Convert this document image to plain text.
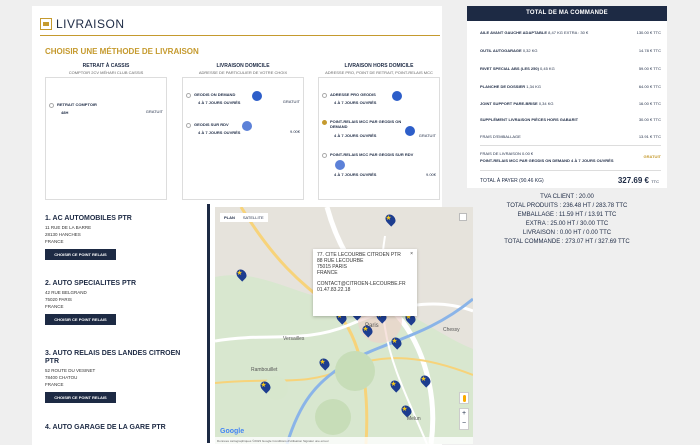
LIVRAISON
CHOISIR UNE MÉTHODE DE LIVRAISON
RETRAIT À CASSIS
COMPTOIR 2CV MÉHARI CLUB CASSIS
RETRAIT COMPTOIR
48H	GRATUIT
LIVRAISON DOMICILE
ADRESSE DE PARTICULIER DE VOTRE CHOIX
GEODIS ON DEMAND
4 À 7 JOURS OUVRÉS	GRATUIT
GEODIS SUR RDV
4 À 7 JOURS OUVRÉS	9.00€
LIVRAISON HORS DOMICILE
ADRESSE PRO, POINT DE RETRAIT, POINT-RELAIS MCC
ADRESSE PRO GEODIS
4 À 7 JOURS OUVRÉS
POINT-RELAIS MCC PAR GEODIS ON DEMAND
4 À 7 JOURS OUVRÉS	GRATUIT
POINT-RELAIS MCC PAR GEODIS SUR RDV
4 À 7 JOURS OUVRÉS	9.00€
1. AC AUTOMOBILES PTR
11 RUE DE LA BARRE
28130 HANCHES
FRANCE
CHOISIR CE POINT RELAIS
2. AUTO SPECIALITES PTR
42 RUE BELGRAND
75020 PARIS
FRANCE
CHOISIR CE POINT RELAIS
3. AUTO RELAIS DES LANDES CITROEN PTR
52 ROUTE DU VESINET
78400 CHATOU
FRANCE
CHOISIR CE POINT RELAIS
4. AUTO GARAGE DE LA GARE PTR
PLAN	SATELLITE
★
★
★
★
★
★
★
★
★
★
★
★
★
×
77. CITE LECOURBE CITROEN PTR
88 RUE LECOURBE
75015 PARIS
FRANCE
CONTACT@CITROEN-LECOURBE.FR
01.47.83.22.18
Versailles
Paris
Chessy
Rambouillet
Melun
+
−
Google
Données cartographiques ©2023 Google Conditions d'utilisation Signaler une erreur
TOTAL DE MA COMMANDE
AILE AVANT GAUCHE ADAPTABLE 8,47 KG EXTRA : 30 €	130.00 € TTC
OUTIL AUTOGARAGE 0,32 KG	14.78 € TTC
RIVET SPECIAL ABS (LES 250) 0,45 KG	59.00 € TTC
PLANCHE DE DOSSIER 1,34 KG	64.00 € TTC
JOINT SUPPORT PARE-BRISE 0,34 KG	16.00 € TTC
SUPPLÉMENT LIVRAISON PIÈCES HORS GABARIT	30.00 € TTC
FRAIS D'EMBALLAGE	13.91 € TTC
FRAIS DE LIVRAISON 0.00 €
POINT-RELAIS MCC PAR GEODIS ON DEMAND 4 À 7 JOURS OUVRÉS
GRATUIT
TOTAL À PAYER (90.46 KG)	327.69 € TTC
TVA CLIENT : 20.00
TOTAL PRODUITS : 236.48 HT / 283.78 TTC
EMBALLAGE : 11.59 HT / 13.91 TTC
EXTRA : 25.00 HT / 30.00 TTC
LIVRAISON : 0.00 HT / 0.00 TTC
TOTAL COMMANDE : 273.07 HT / 327.69 TTC
